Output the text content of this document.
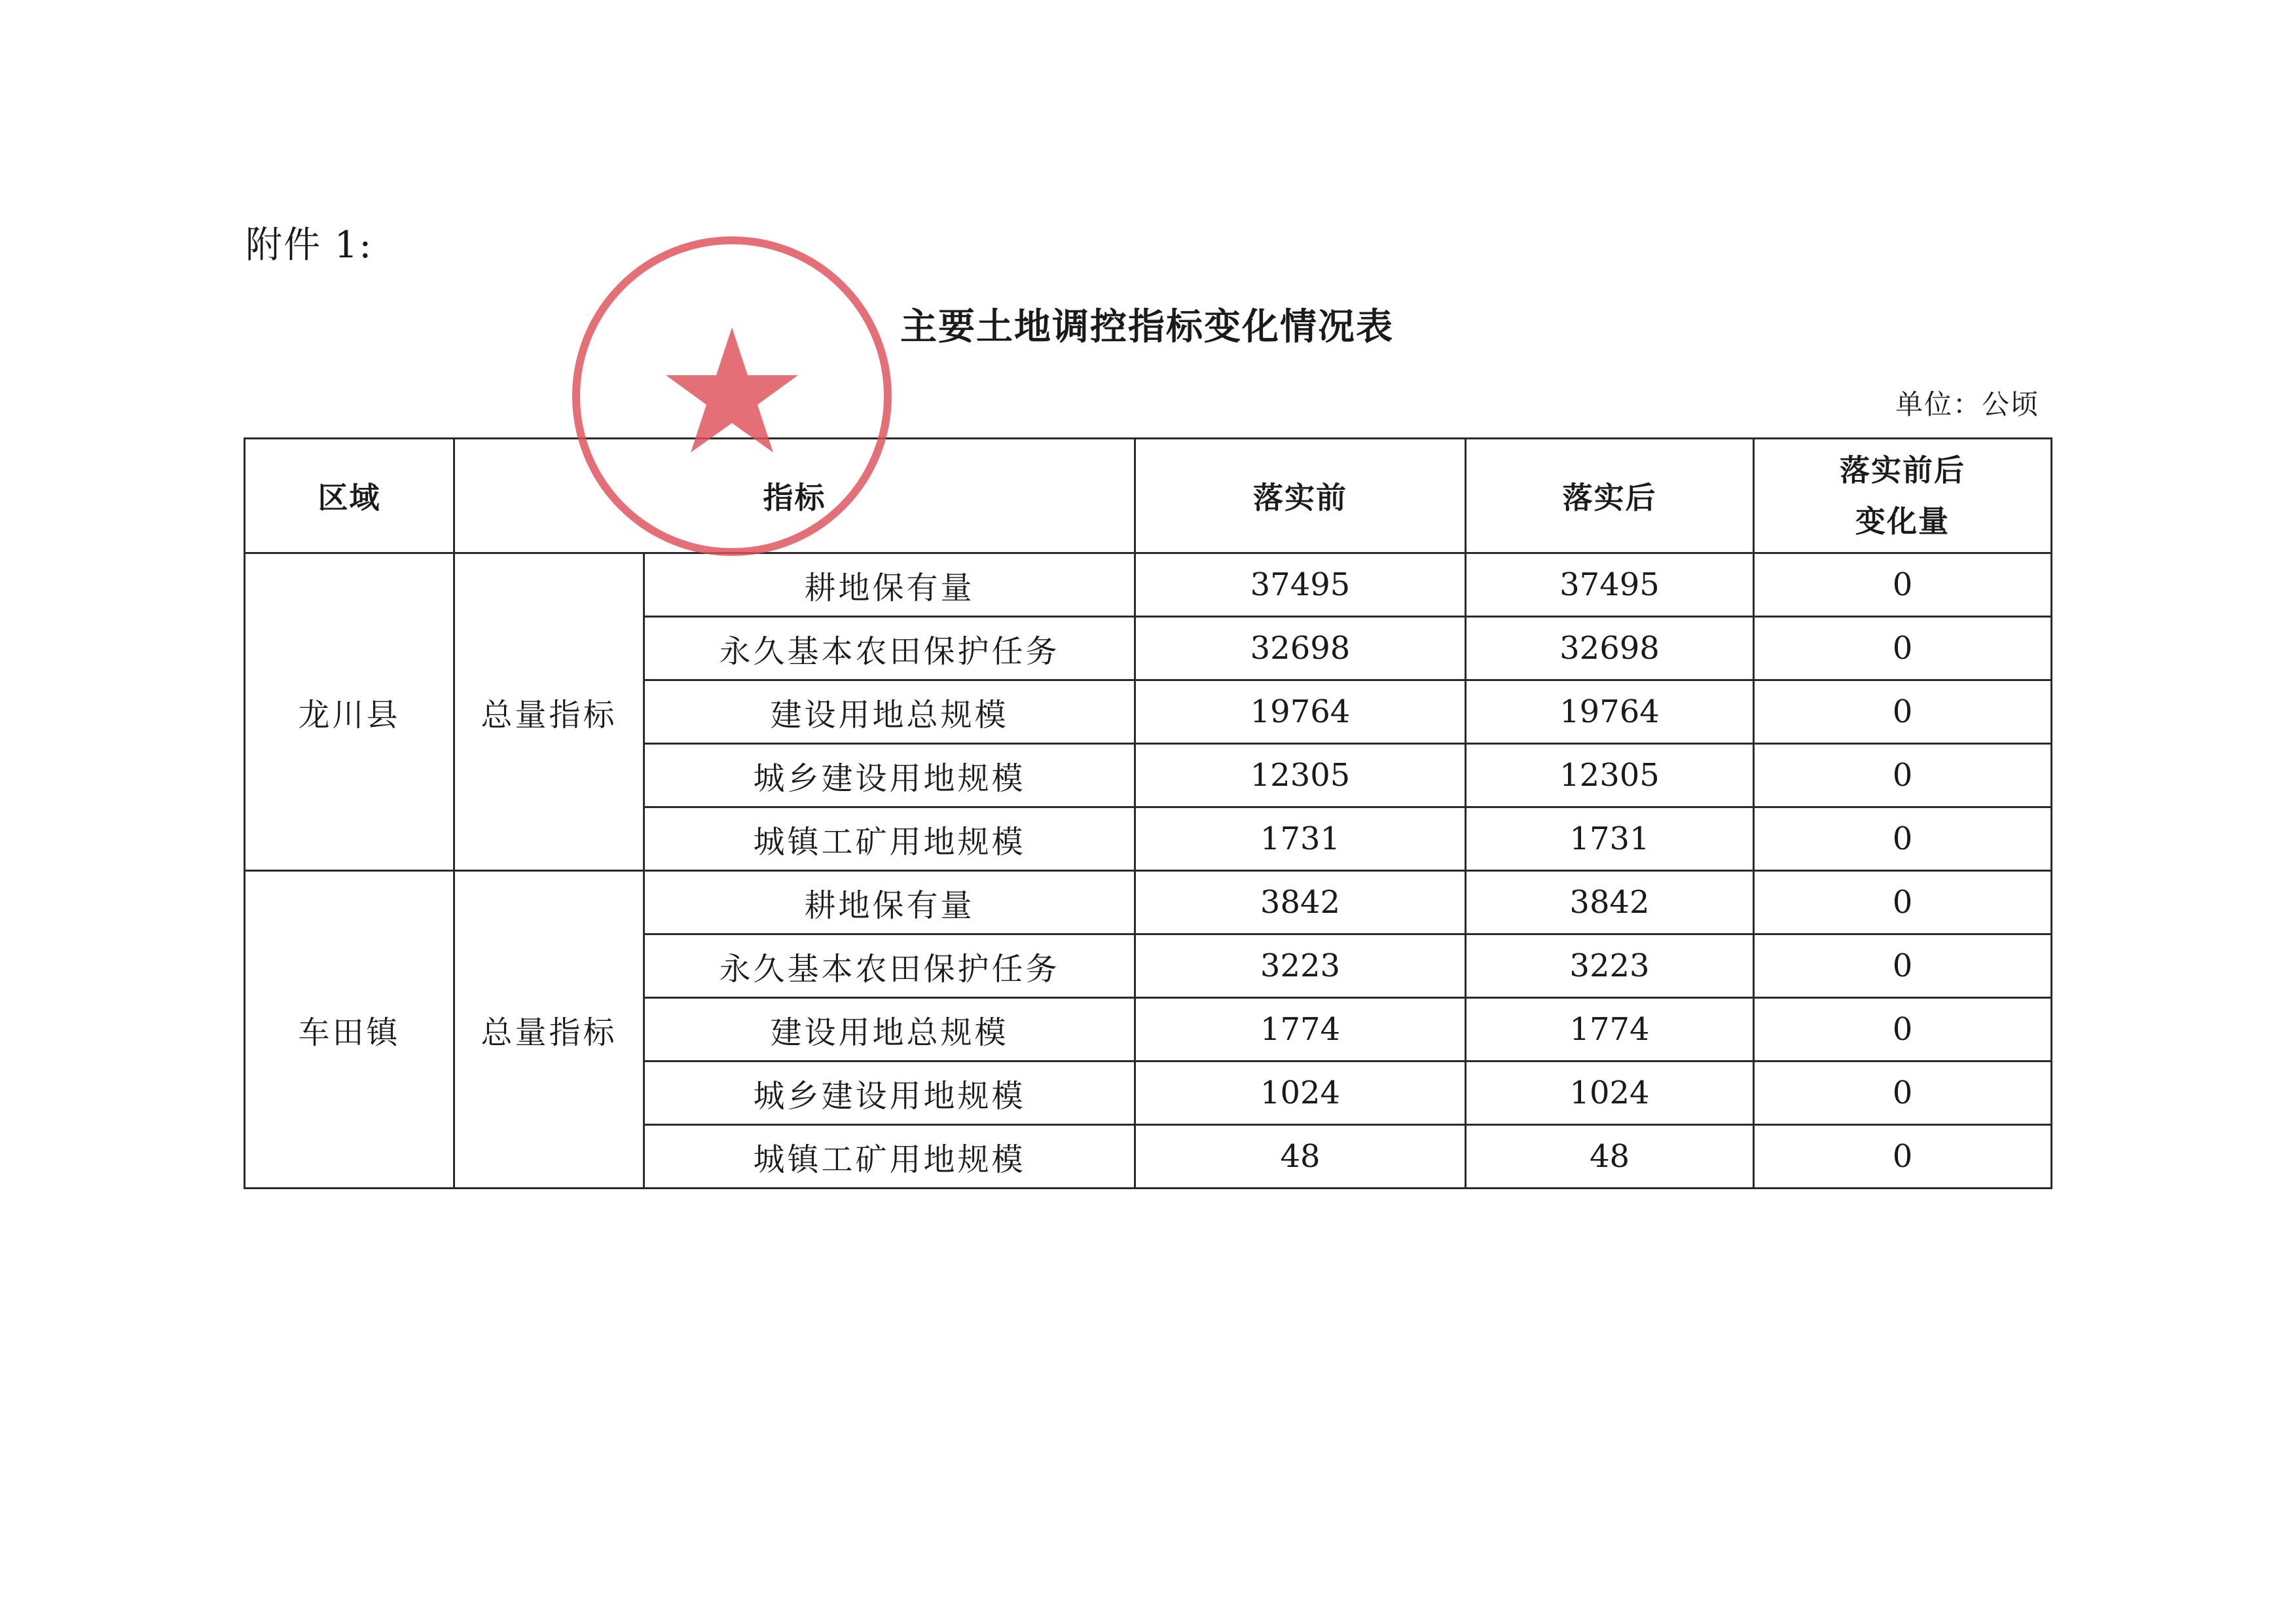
附件 1:
主要土地调控指标变化情况表
单位：公顷
区域	指标		落实前	落实后	落实前后
变化量

龙川县	总量指标	耕地保有量	37495	37495	0
		永久基本农田保护任务	32698	32698	0
		建设用地总规模	19764	19764	0
		城乡建设用地规模	12305	12305	0
		城镇工矿用地规模	1731	1731	0
车田镇	总量指标	耕地保有量	3842	3842	0
		永久基本农田保护任务	3223	3223	0
		建设用地总规模	1774	1774	0
		城乡建设用地规模	1024	1024	0
		城镇工矿用地规模	48	48	0
